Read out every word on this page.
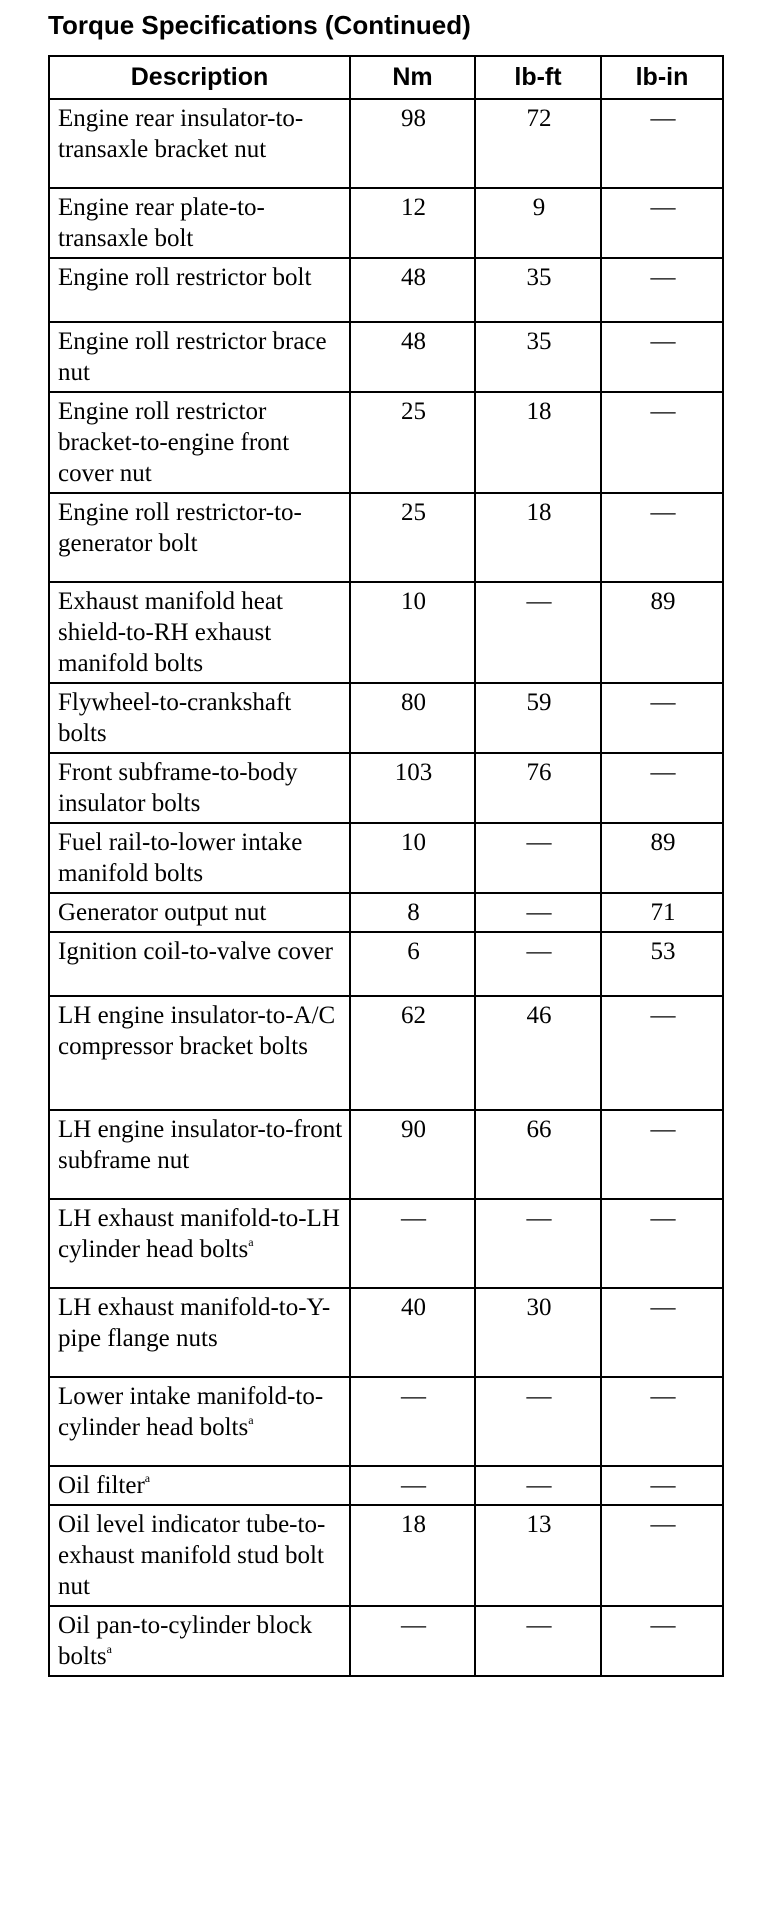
Torque Specifications (Continued)
Description	Nm	lb-ft	lb-in
Engine rear insulator-to-transaxle bracket nut	98	72	—
Engine rear plate-to-transaxle bolt	12	9	—
Engine roll restrictor bolt	48	35	—
Engine roll restrictor brace nut	48	35	—
Engine roll restrictor bracket-to-engine front cover nut	25	18	—
Engine roll restrictor-to-generator bolt	25	18	—
Exhaust manifold heat shield-to-RH exhaust manifold bolts	10	—	89
Flywheel-to-crankshaft bolts	80	59	—
Front subframe-to-body insulator bolts	103	76	—
Fuel rail-to-lower intake manifold bolts	10	—	89
Generator output nut	8	—	71
Ignition coil-to-valve cover	6	—	53
LH engine insulator-to-A/C compressor bracket bolts	62	46	—
LH engine insulator-to-front subframe nut	90	66	—
LH exhaust manifold-to-LH cylinder head bolts$^a$	—	—	—
LH exhaust manifold-to-Y-pipe flange nuts	40	30	—
Lower intake manifold-to-cylinder head bolts$^a$	—	—	—
Oil filter$^a$	—	—	—
Oil level indicator tube-to-exhaust manifold stud bolt nut	18	13	—
Oil pan-to-cylinder block bolts$^a$	—	—	—
